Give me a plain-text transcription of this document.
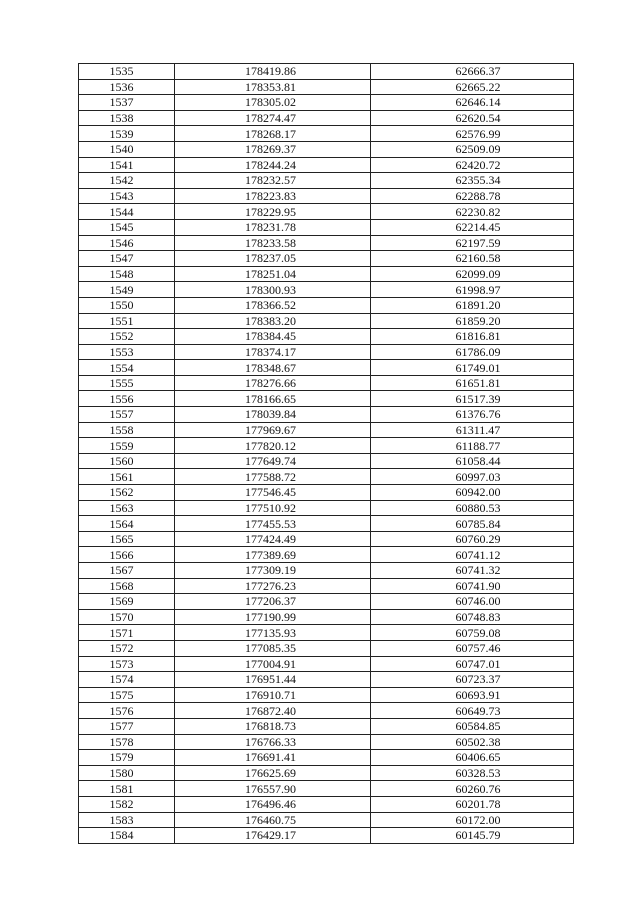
1535	178419.86	62666.37
1536	178353.81	62665.22
1537	178305.02	62646.14
1538	178274.47	62620.54
1539	178268.17	62576.99
1540	178269.37	62509.09
1541	178244.24	62420.72
1542	178232.57	62355.34
1543	178223.83	62288.78
1544	178229.95	62230.82
1545	178231.78	62214.45
1546	178233.58	62197.59
1547	178237.05	62160.58
1548	178251.04	62099.09
1549	178300.93	61998.97
1550	178366.52	61891.20
1551	178383.20	61859.20
1552	178384.45	61816.81
1553	178374.17	61786.09
1554	178348.67	61749.01
1555	178276.66	61651.81
1556	178166.65	61517.39
1557	178039.84	61376.76
1558	177969.67	61311.47
1559	177820.12	61188.77
1560	177649.74	61058.44
1561	177588.72	60997.03
1562	177546.45	60942.00
1563	177510.92	60880.53
1564	177455.53	60785.84
1565	177424.49	60760.29
1566	177389.69	60741.12
1567	177309.19	60741.32
1568	177276.23	60741.90
1569	177206.37	60746.00
1570	177190.99	60748.83
1571	177135.93	60759.08
1572	177085.35	60757.46
1573	177004.91	60747.01
1574	176951.44	60723.37
1575	176910.71	60693.91
1576	176872.40	60649.73
1577	176818.73	60584.85
1578	176766.33	60502.38
1579	176691.41	60406.65
1580	176625.69	60328.53
1581	176557.90	60260.76
1582	176496.46	60201.78
1583	176460.75	60172.00
1584	176429.17	60145.79
